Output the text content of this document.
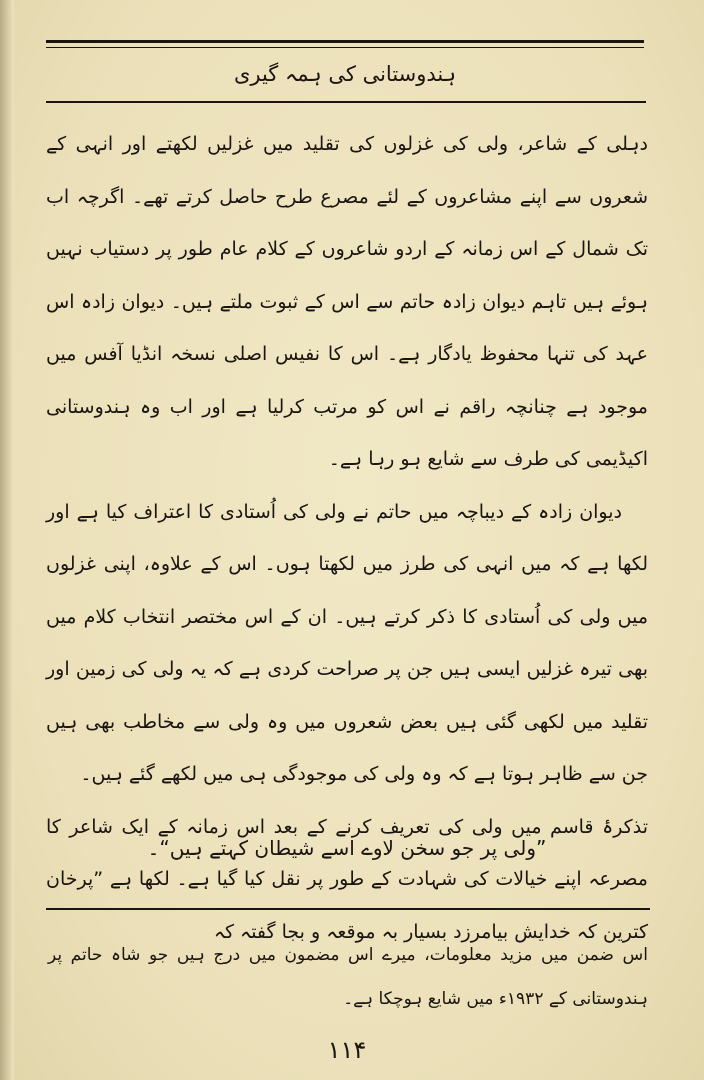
ہندوستانی کی ہمہ گیری

دہلی کے شاعر، ولی کی غزلوں کی تقلید میں غزلیں لکھتے اور انہی کے شعروں سے اپنے مشاعروں کے لئے مصرع طرح حاصل کرتے تھے۔ اگرچہ اب تک شمال کے اس زمانہ کے اردو شاعروں کے کلام عام طور پر دستیاب نہیں ہوئے ہیں تاہم دیوان زادہ حاتم سے اس کے ثبوت ملتے ہیں۔ دیوان زادہ اس عہد کی تنہا محفوظ یادگار ہے۔ اس کا نفیس اصلی نسخہ انڈیا آفس میں موجود ہے چنانچہ راقم نے اس کو مرتب کرلیا ہے اور اب وہ ہندوستانی اکیڈیمی کی طرف سے شایع ہو رہا ہے۔

دیوان زادہ کے دیباچہ میں حاتم نے ولی کی اُستادی کا اعتراف کیا ہے اور لکھا ہے کہ میں انہی کی طرز میں لکھتا ہوں۔ اس کے علاوہ، اپنی غزلوں میں ولی کی اُستادی کا ذکر کرتے ہیں۔ ان کے اس مختصر انتخاب کلام میں بھی تیرہ غزلیں ایسی ہیں جن پر صراحت کردی ہے کہ یہ ولی کی زمین اور تقلید میں لکھی گئی ہیں بعض شعروں میں وہ ولی سے مخاطب بھی ہیں جن سے ظاہر ہوتا ہے کہ وہ ولی کی موجودگی ہی میں لکھے گئے ہیں۔

تذکرۂ قاسم میں ولی کی تعریف کرنے کے بعد اس زمانہ کے ایک شاعر کا مصرعہ اپنے خیالات کی شہادت کے طور پر نقل کیا گیا ہے۔ لکھا ہے ”پرخان کترین کہ خدایش بیامرزد بسیار بہ موقعہ و بجا گفتہ کہ

”ولی پر جو سخن لاوے اسے شیطان کہتے ہیں“۔

اس ضمن میں مزید معلومات، میرے اس مضمون میں درج ہیں جو شاہ حاتم پر ہندوستانی کے ۱۹۳۲ء میں شایع ہوچکا ہے۔

۱۱۴
